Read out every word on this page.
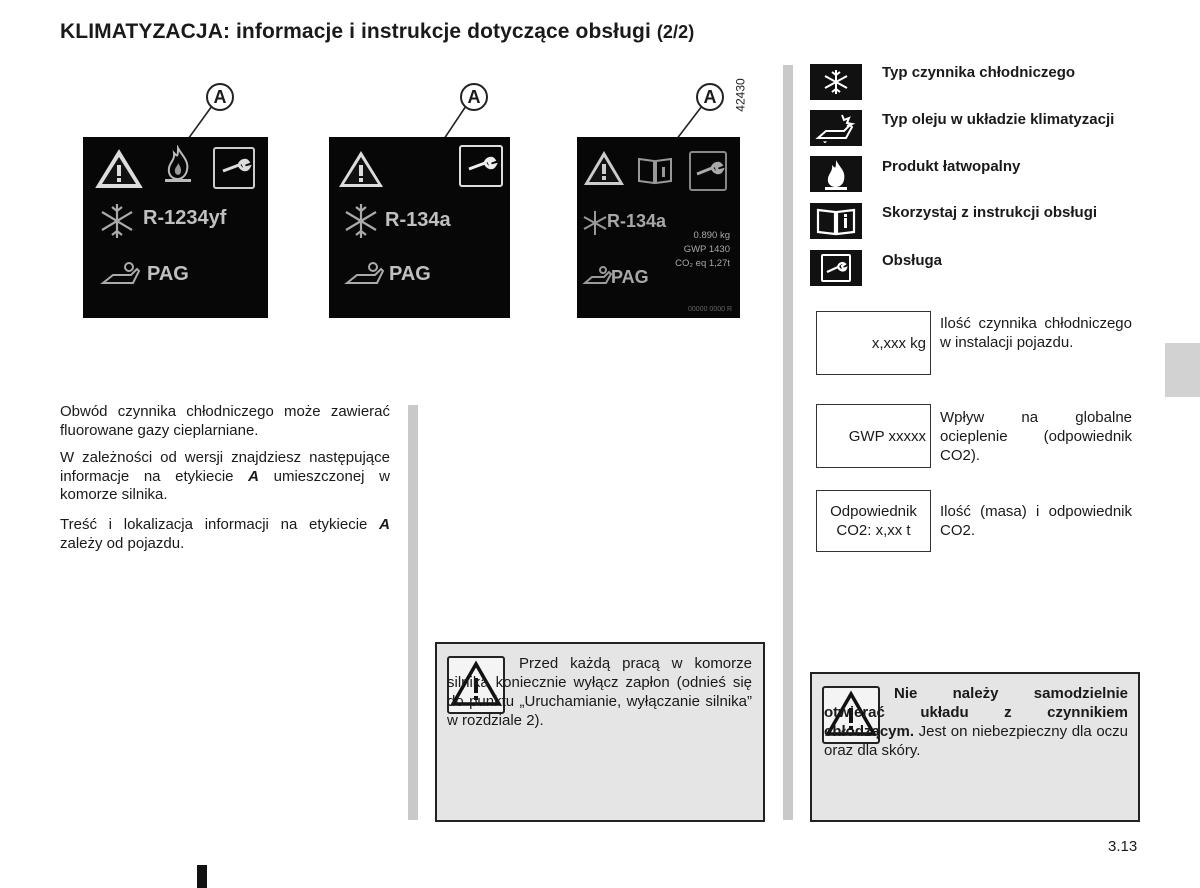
KLIMATYZACJA: informacje i instrukcje dotyczące obsługi (2/2)
42430
A	A	A
R-1234yf
PAG
R-134a
PAG
R-134a
0.890 kg
GWP 1430
CO₂ eq 1,27t
PAG
00000 0000 R
Obwód czynnika chłodniczego może zawierać fluorowane gazy cieplarniane.
W zależności od wersji znajdziesz następujące informacje na etykiecie A umieszczonej w komorze silnika.
Treść i lokalizacja informacji na etykiecie A zależy od pojazdu.

Przed każdą pracą w komorze silnika koniecznie wyłącz zapłon (odnieś się do punktu „Uruchamianie, wyłączanie silnika” w rozdziale 2).

Typ czynnika chłodniczego
Typ oleju w układzie klimatyzacji
Produkt łatwopalny
Skorzystaj z instrukcji obsługi
Obsługa
x,xxx kg
Ilość czynnika chłodniczego w instalacji pojazdu.
GWP xxxxx
Wpływ na globalne ocieplenie (odpowiednik CO2).
Odpowiednik CO2: x,xx t
Ilość (masa) i odpowiednik CO2.

Nie należy samodzielnie otwierać układu z czynnikiem chłodzącym. Jest on niebezpieczny dla oczu oraz dla skóry.

3.13
